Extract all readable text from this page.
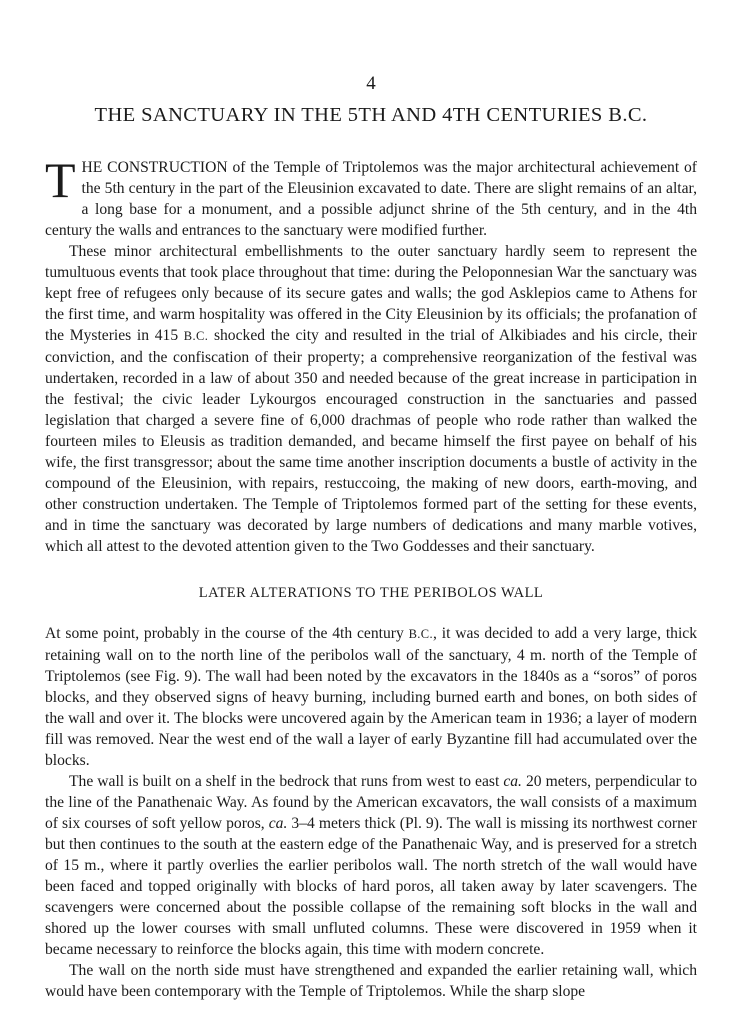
4
THE SANCTUARY IN THE 5TH AND 4TH CENTURIES B.C.

THE CONSTRUCTION of the Temple of Triptolemos was the major architectural achievement of the 5th century in the part of the Eleusinion excavated to date. There are slight remains of an altar, a long base for a monument, and a possible adjunct shrine of the 5th century, and in the 4th century the walls and entrances to the sanctuary were modified further.

These minor architectural embellishments to the outer sanctuary hardly seem to represent the tumultuous events that took place throughout that time: during the Peloponnesian War the sanctuary was kept free of refugees only because of its secure gates and walls; the god Asklepios came to Athens for the first time, and warm hospitality was offered in the City Eleusinion by its officials; the profanation of the Mysteries in 415 B.C. shocked the city and resulted in the trial of Alkibiades and his circle, their conviction, and the confiscation of their property; a comprehensive reorganization of the festival was undertaken, recorded in a law of about 350 and needed because of the great increase in participation in the festival; the civic leader Lykourgos encouraged construction in the sanctuaries and passed legislation that charged a severe fine of 6,000 drachmas of people who rode rather than walked the fourteen miles to Eleusis as tradition demanded, and became himself the first payee on behalf of his wife, the first transgressor; about the same time another inscription documents a bustle of activity in the compound of the Eleusinion, with repairs, restuccoing, the making of new doors, earth-moving, and other construction undertaken. The Temple of Triptolemos formed part of the setting for these events, and in time the sanctuary was decorated by large numbers of dedications and many marble votives, which all attest to the devoted attention given to the Two Goddesses and their sanctuary.

LATER ALTERATIONS TO THE PERIBOLOS WALL

At some point, probably in the course of the 4th century B.C., it was decided to add a very large, thick retaining wall on to the north line of the peribolos wall of the sanctuary, 4 m. north of the Temple of Triptolemos (see Fig. 9). The wall had been noted by the excavators in the 1840s as a “soros” of poros blocks, and they observed signs of heavy burning, including burned earth and bones, on both sides of the wall and over it. The blocks were uncovered again by the American team in 1936; a layer of modern fill was removed. Near the west end of the wall a layer of early Byzantine fill had accumulated over the blocks.

The wall is built on a shelf in the bedrock that runs from west to east ca. 20 meters, perpendicular to the line of the Panathenaic Way. As found by the American excavators, the wall consists of a maximum of six courses of soft yellow poros, ca. 3–4 meters thick (Pl. 9). The wall is missing its northwest corner but then continues to the south at the eastern edge of the Panathenaic Way, and is preserved for a stretch of 15 m., where it partly overlies the earlier peribolos wall. The north stretch of the wall would have been faced and topped originally with blocks of hard poros, all taken away by later scavengers. The scavengers were concerned about the possible collapse of the remaining soft blocks in the wall and shored up the lower courses with small unfluted columns. These were discovered in 1959 when it became necessary to reinforce the blocks again, this time with modern concrete.

The wall on the north side must have strengthened and expanded the earlier retaining wall, which would have been contemporary with the Temple of Triptolemos. While the sharp slope
